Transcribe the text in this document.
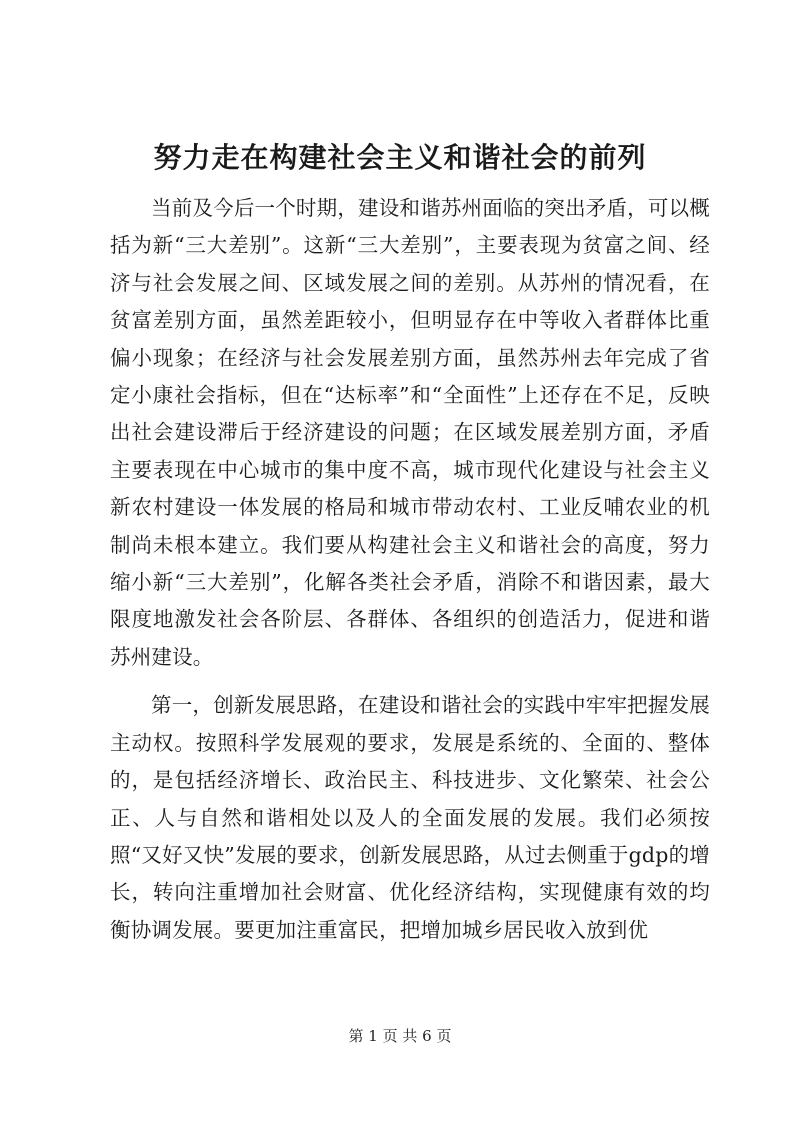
努力走在构建社会主义和谐社会的前列

当前及今后一个时期，建设和谐苏州面临的突出矛盾，可以概括为新“三大差别”。这新“三大差别”，主要表现为贫富之间、经济与社会发展之间、区域发展之间的差别。从苏州的情况看，在贫富差别方面，虽然差距较小，但明显存在中等收入者群体比重偏小现象；在经济与社会发展差别方面，虽然苏州去年完成了省定小康社会指标，但在“达标率”和“全面性”上还存在不足，反映出社会建设滞后于经济建设的问题；在区域发展差别方面，矛盾主要表现在中心城市的集中度不高，城市现代化建设与社会主义新农村建设一体发展的格局和城市带动农村、工业反哺农业的机制尚未根本建立。我们要从构建社会主义和谐社会的高度，努力缩小新“三大差别”，化解各类社会矛盾，消除不和谐因素，最大限度地激发社会各阶层、各群体、各组织的创造活力，促进和谐苏州建设。

第一，创新发展思路，在建设和谐社会的实践中牢牢把握发展主动权。按照科学发展观的要求，发展是系统的、全面的、整体的，是包括经济增长、政治民主、科技进步、文化繁荣、社会公正、人与自然和谐相处以及人的全面发展的发展。我们必须按照“又好又快”发展的要求，创新发展思路，从过去侧重于gdp的增长，转向注重增加社会财富、优化经济结构，实现健康有效的均衡协调发展。要更加注重富民，把增加城乡居民收入放到优

第 1 页 共 6 页
